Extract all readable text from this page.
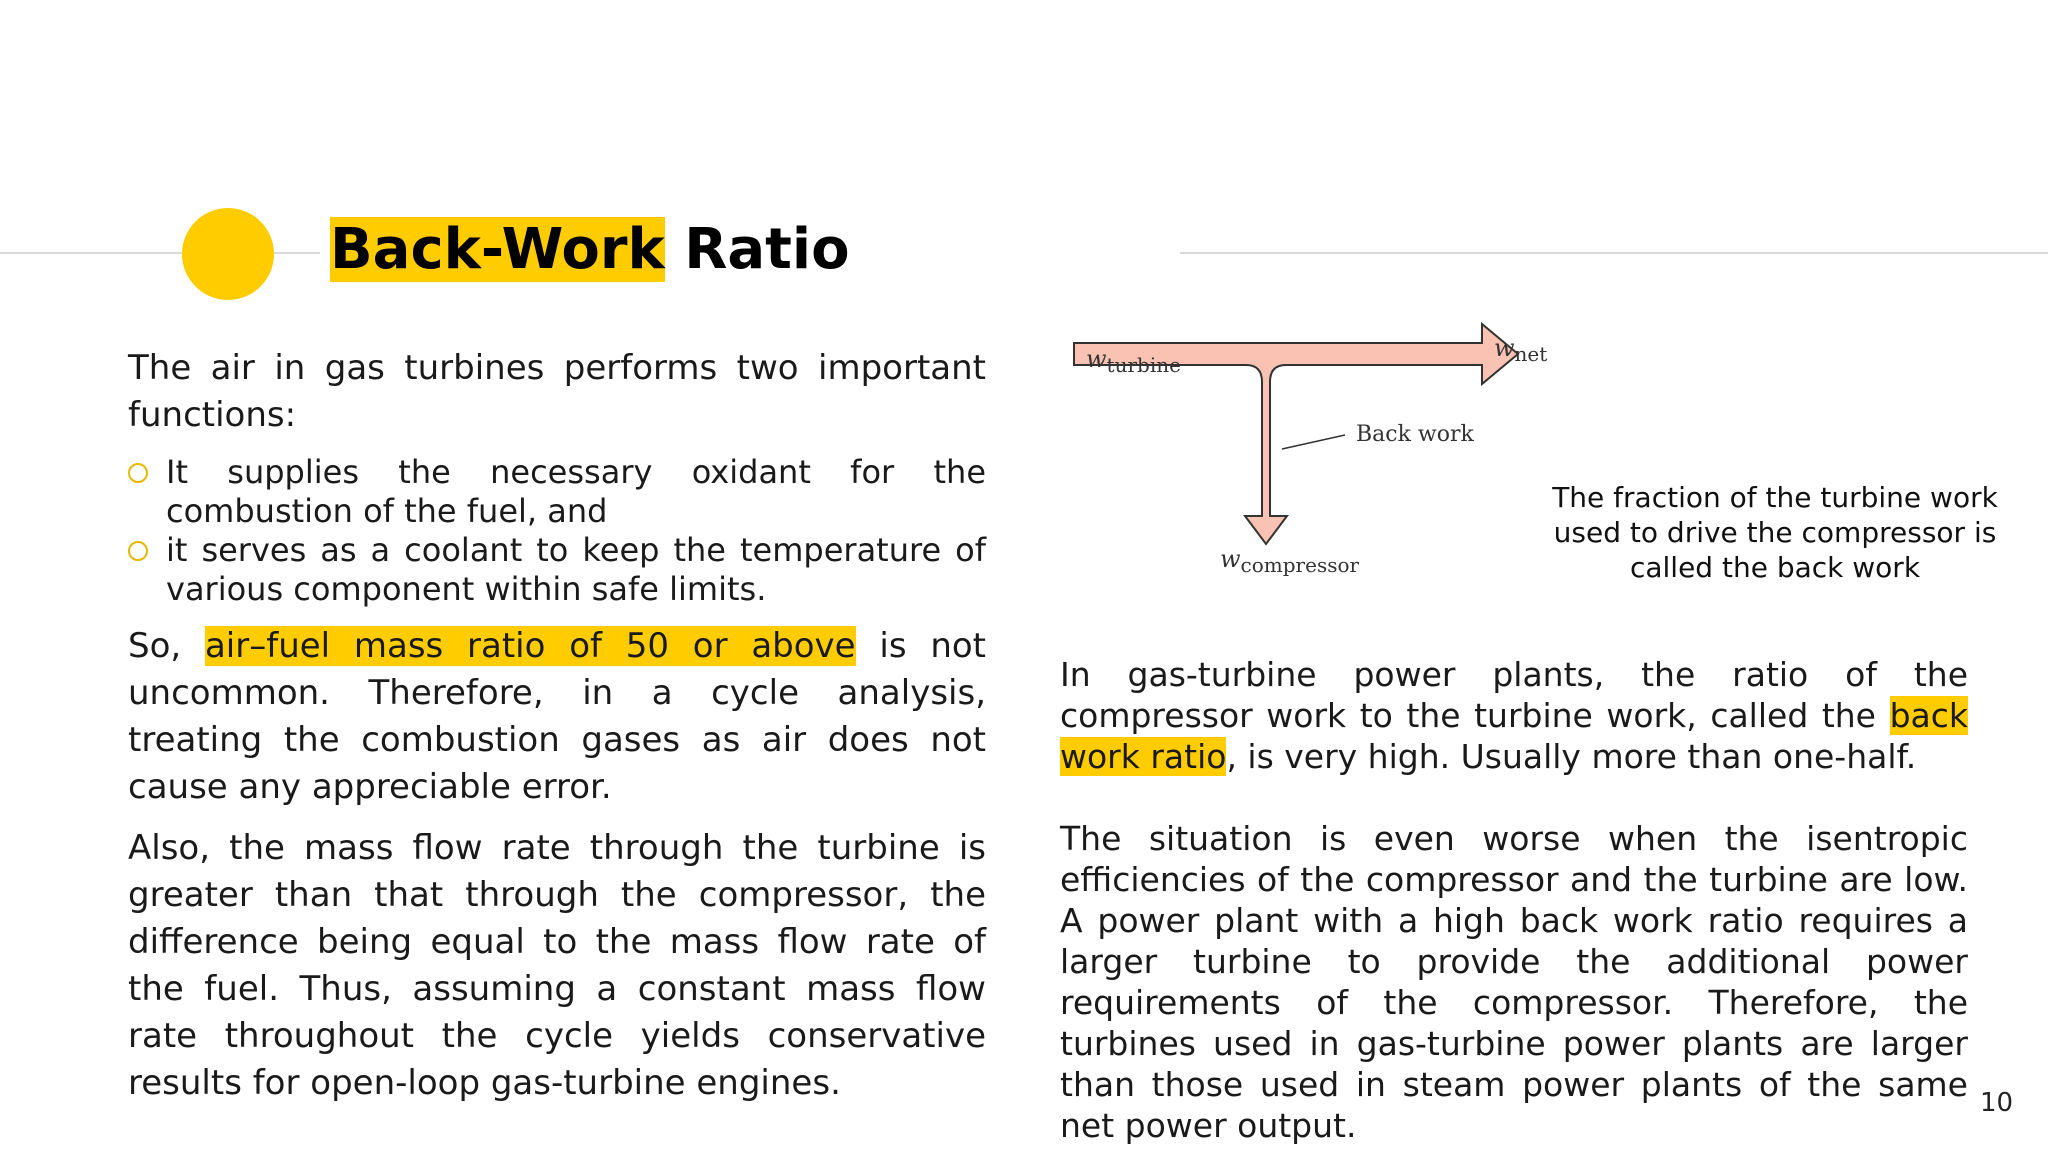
Back-Work Ratio

The air in gas turbines performs two important functions:

It supplies the necessary oxidant for the combustion of the fuel, and
it serves as a coolant to keep the temperature of various component within safe limits.

So, air–fuel mass ratio of 50 or above is not uncommon. Therefore, in a cycle analysis, treating the combustion gases as air does not cause any appreciable error.

Also, the mass flow rate through the turbine is greater than that through the compressor, the difference being equal to the mass flow rate of the fuel. Thus, assuming a constant mass flow rate throughout the cycle yields conservative results for open-loop gas-turbine engines.

$w_{turbine}$
$w_{net}$
Back work
$w_{compressor}$
The fraction of the turbine work used to drive the compressor is called the back work

In gas-turbine power plants, the ratio of the compressor work to the turbine work, called the back work ratio, is very high. Usually more than one-half.

The situation is even worse when the isentropic efficiencies of the compressor and the turbine are low. A power plant with a high back work ratio requires a larger turbine to provide the additional power requirements of the compressor. Therefore, the turbines used in gas-turbine power plants are larger than those used in steam power plants of the same net power output.

10
